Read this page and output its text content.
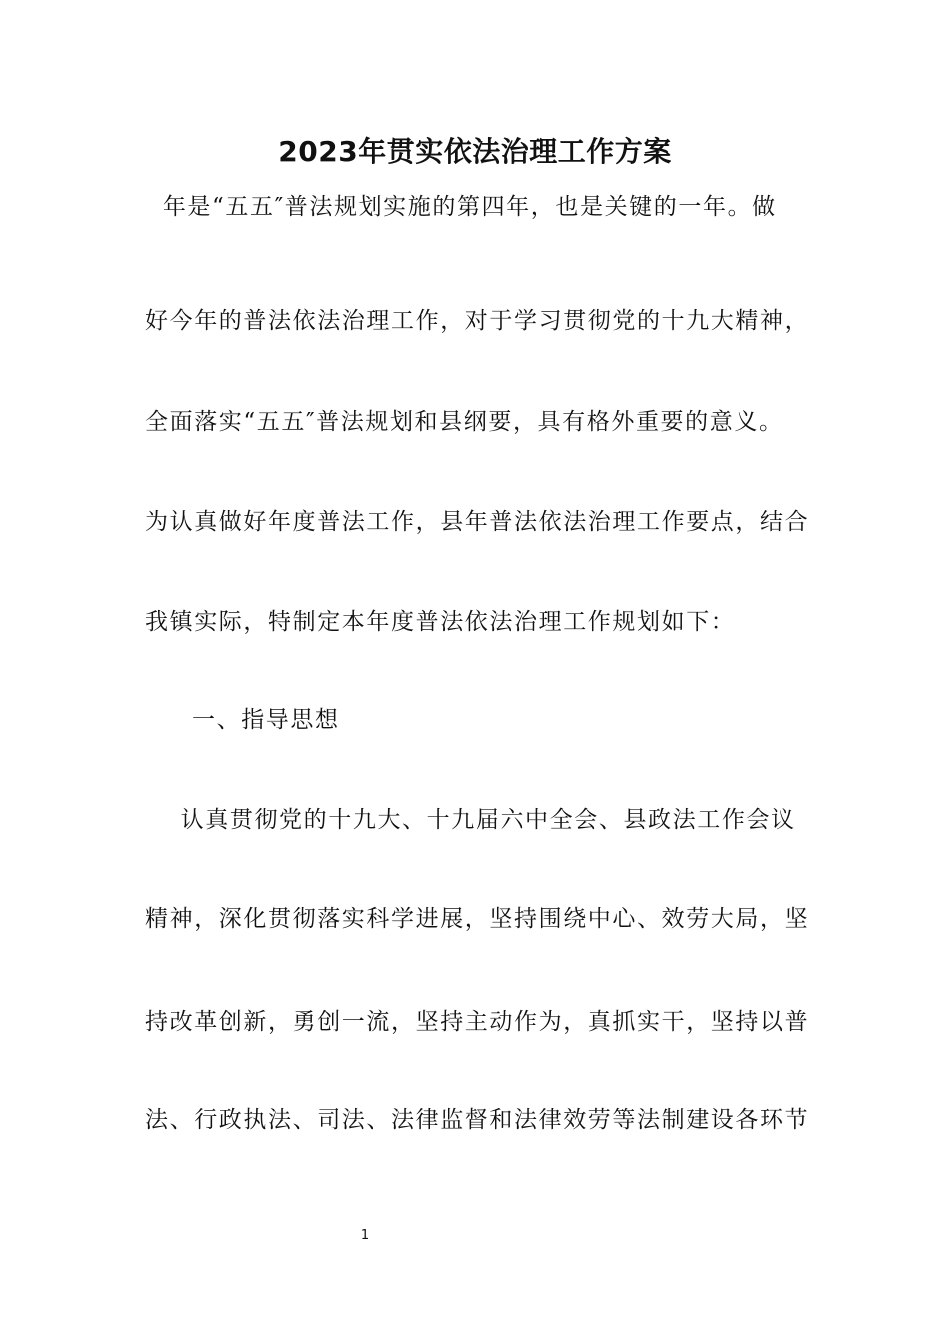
2023年贯实依法治理工作方案
年是“五五″普法规划实施的第四年，也是关键的一年。做
好今年的普法依法治理工作，对于学习贯彻党的十九大精神，
全面落实“五五″普法规划和县纲要，具有格外重要的意义。
为认真做好年度普法工作，县年普法依法治理工作要点，结合
我镇实际，特制定本年度普法依法治理工作规划如下：
一、指导思想
认真贯彻党的十九大、十九届六中全会、县政法工作会议
精神，深化贯彻落实科学进展，坚持围绕中心、效劳大局，坚
持改革创新，勇创一流，坚持主动作为，真抓实干，坚持以普
法、行政执法、司法、法律监督和法律效劳等法制建设各环节
1
